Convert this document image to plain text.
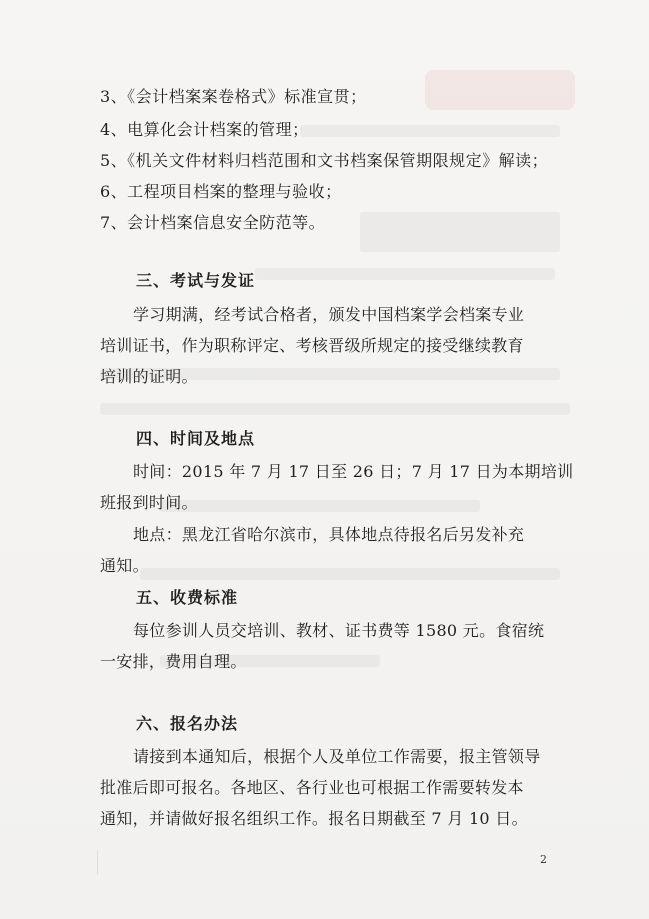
3、《会计档案案卷格式》标准宣贯；
4、电算化会计档案的管理；
5、《机关文件材料归档范围和文书档案保管期限规定》解读；
6、工程项目档案的整理与验收；
7、会计档案信息安全防范等。
三、考试与发证
学习期满，经考试合格者，颁发中国档案学会档案专业
培训证书，作为职称评定、考核晋级所规定的接受继续教育
培训的证明。
四、时间及地点
时间：2015 年 7 月 17 日至 26 日；7 月 17 日为本期培训
班报到时间。
地点：黑龙江省哈尔滨市，具体地点待报名后另发补充
通知。
五、收费标准
每位参训人员交培训、教材、证书费等 1580 元。食宿统
一安排，费用自理。
六、报名办法
请接到本通知后，根据个人及单位工作需要，报主管领导
批准后即可报名。各地区、各行业也可根据工作需要转发本
通知，并请做好报名组织工作。报名日期截至 7 月 10 日。
2
